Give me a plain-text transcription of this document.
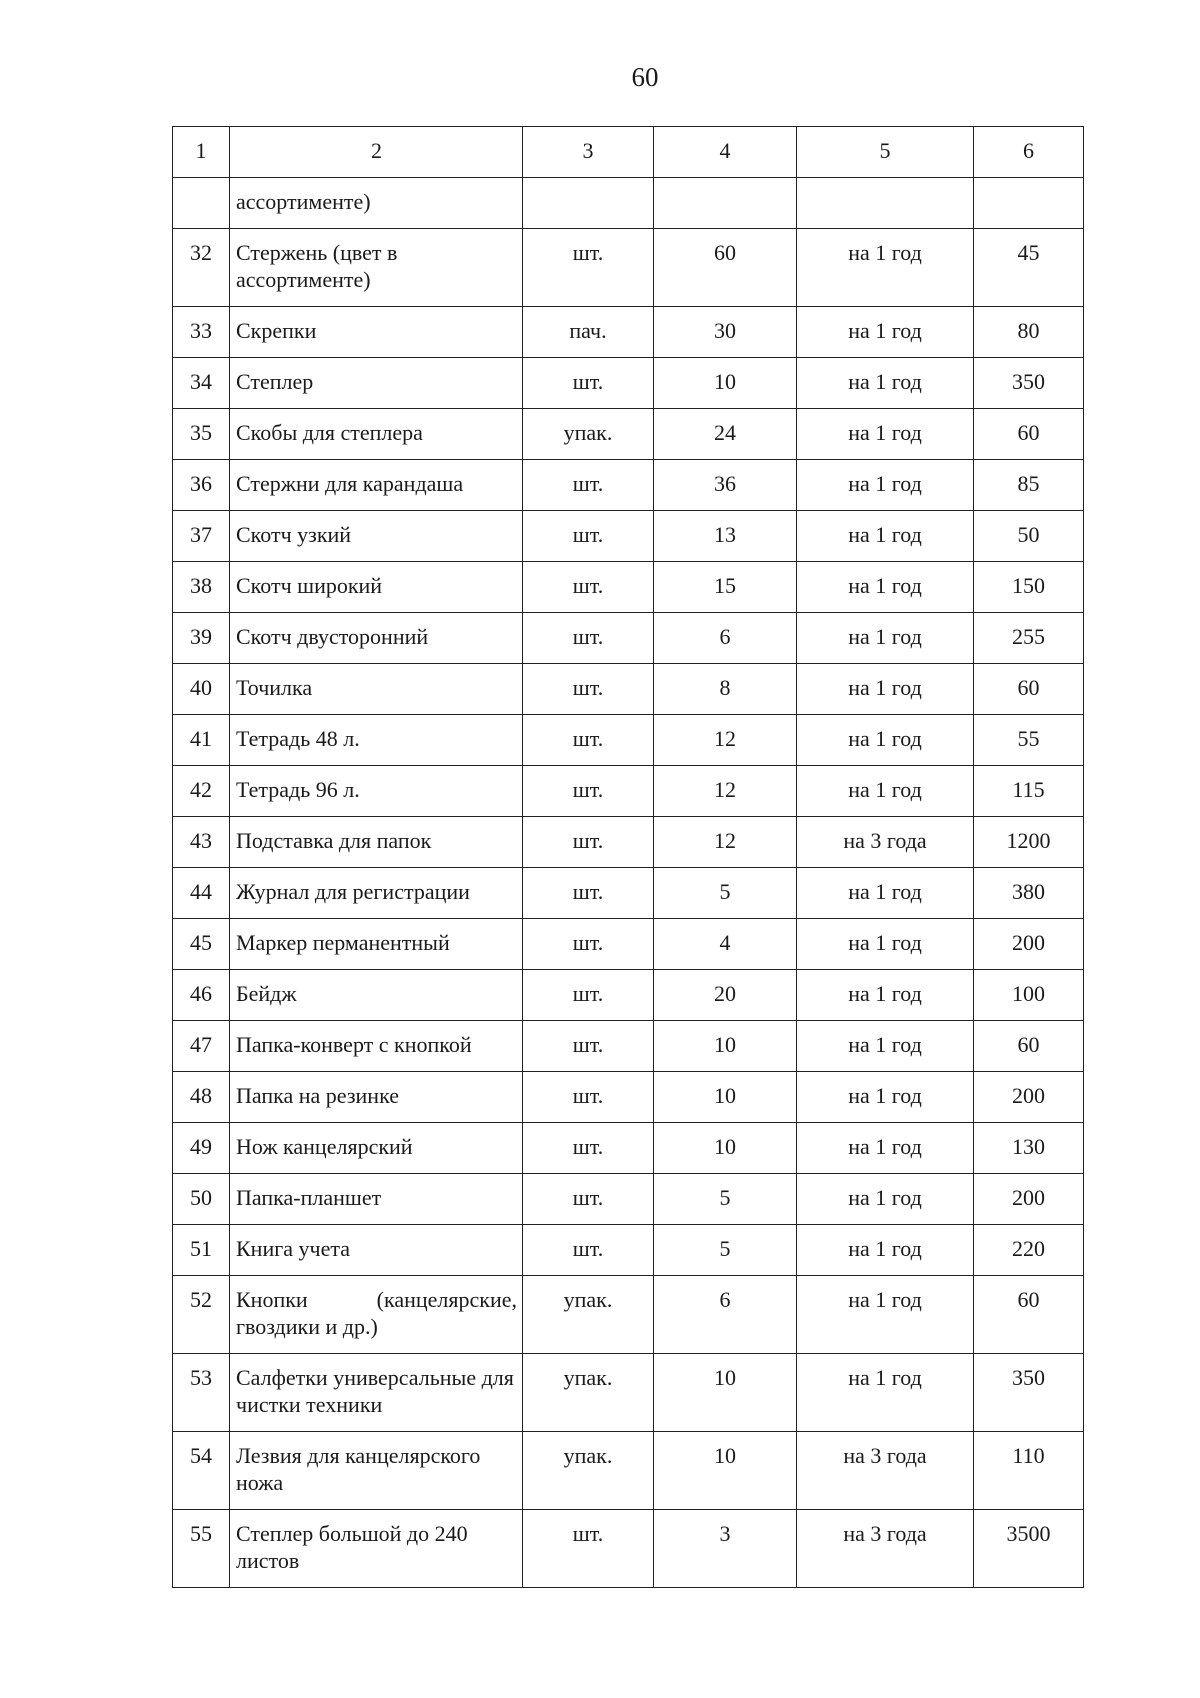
60
1	2	3	4	5	6

	ассортименте)				

32	Стержень (цвет в ассортименте)	шт.	60	на 1 год	45

33	Скрепки	пач.	30	на 1 год	80

34	Степлер	шт.	10	на 1 год	350

35	Скобы для степлера	упак.	24	на 1 год	60

36	Стержни для карандаша	шт.	36	на 1 год	85

37	Скотч узкий	шт.	13	на 1 год	50

38	Скотч широкий	шт.	15	на 1 год	150

39	Скотч двусторонний	шт.	6	на 1 год	255

40	Точилка	шт.	8	на 1 год	60

41	Тетрадь 48 л.	шт.	12	на 1 год	55

42	Тетрадь 96 л.	шт.	12	на 1 год	115

43	Подставка для папок	шт.	12	на 3 года	1200

44	Журнал для регистрации	шт.	5	на 1 год	380

45	Маркер перманентный	шт.	4	на 1 год	200

46	Бейдж	шт.	20	на 1 год	100

47	Папка-конверт с кнопкой	шт.	10	на 1 год	60

48	Папка на резинке	шт.	10	на 1 год	200

49	Нож канцелярский	шт.	10	на 1 год	130

50	Папка-планшет	шт.	5	на 1 год	200

51	Книга учета	шт.	5	на 1 год	220

52	Кнопки (канцелярские, гвоздики и др.)	упак.	6	на 1 год	60

53	Салфетки универсальные для чистки техники	упак.	10	на 1 год	350

54	Лезвия для канцелярского ножа	упак.	10	на 3 года	110

55	Степлер большой до 240 листов	шт.	3	на 3 года	3500
